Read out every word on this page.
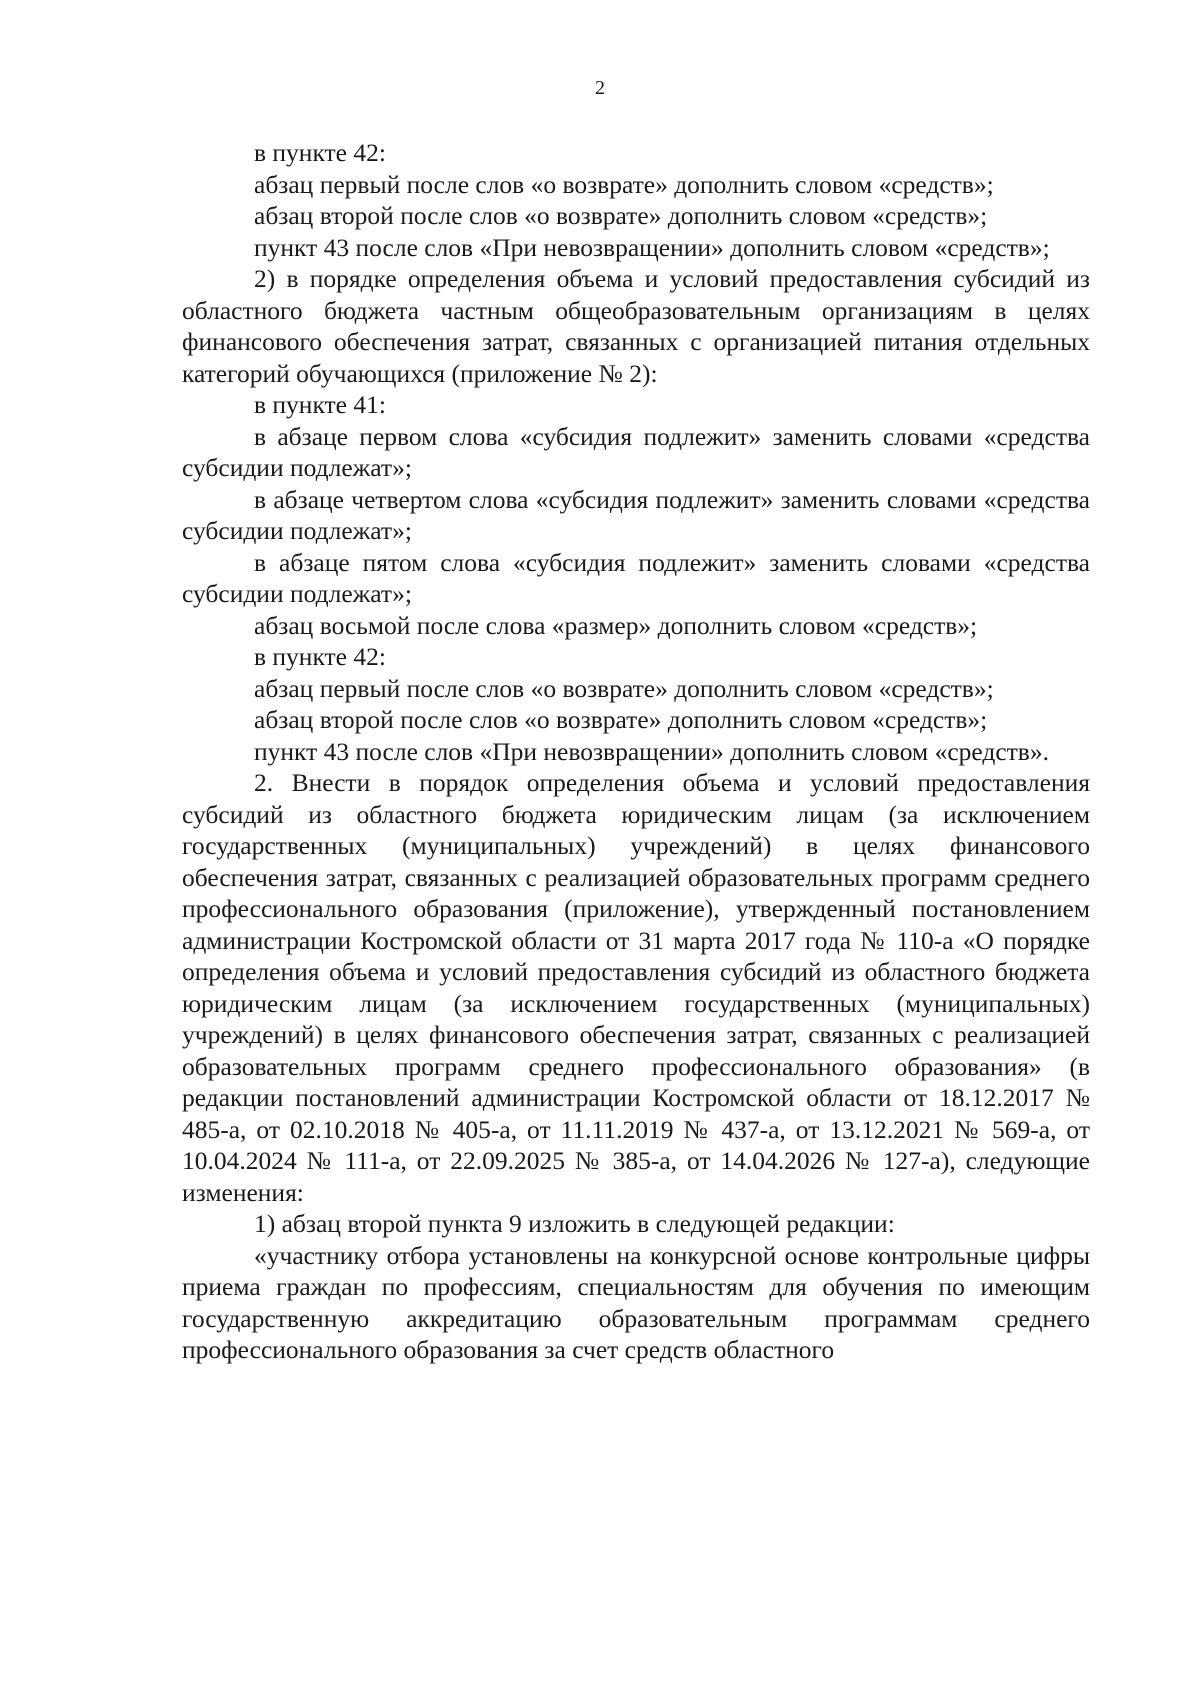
2

в пункте 42:

абзац первый после слов «о возврате» дополнить словом «средств»;

абзац второй после слов «о возврате» дополнить словом «средств»;

пункт 43 после слов «При невозвращении» дополнить словом «средств»;

2) в порядке определения объема и условий предоставления субсидий из областного бюджета частным общеобразовательным организациям в целях финансового обеспечения затрат, связанных с организацией питания отдельных категорий обучающихся (приложение № 2):

в пункте 41:

в абзаце первом слова «субсидия подлежит» заменить словами «средства субсидии подлежат»;

в абзаце четвертом слова «субсидия подлежит» заменить словами «средства субсидии подлежат»;

в абзаце пятом слова «субсидия подлежит» заменить словами «средства субсидии подлежат»;

абзац восьмой после слова «размер» дополнить словом «средств»;

в пункте 42:

абзац первый после слов «о возврате» дополнить словом «средств»;

абзац второй после слов «о возврате» дополнить словом «средств»;

пункт 43 после слов «При невозвращении» дополнить словом «средств».

2. Внести в порядок определения объема и условий предоставления субсидий из областного бюджета юридическим лицам (за исключением государственных (муниципальных) учреждений) в целях финансового обеспечения затрат, связанных с реализацией образовательных программ среднего профессионального образования (приложение), утвержденный постановлением администрации Костромской области от 31 марта 2017 года № 110-а «О порядке определения объема и условий предоставления субсидий из областного бюджета юридическим лицам (за исключением государственных (муниципальных) учреждений) в целях финансового обеспечения затрат, связанных с реализацией образовательных программ среднего профессионального образования» (в редакции постановлений администрации Костромской области от 18.12.2017 № 485-а, от 02.10.2018 № 405-а, от 11.11.2019 № 437-а, от 13.12.2021 № 569-а, от 10.04.2024 № 111-а, от 22.09.2025 № 385-а, от 14.04.2026 № 127-а), следующие изменения:

1) абзац второй пункта 9 изложить в следующей редакции:

«участнику отбора установлены на конкурсной основе контрольные цифры приема граждан по профессиям, специальностям для обучения по имеющим государственную аккредитацию образовательным программам среднего профессионального образования за счет средств областного
